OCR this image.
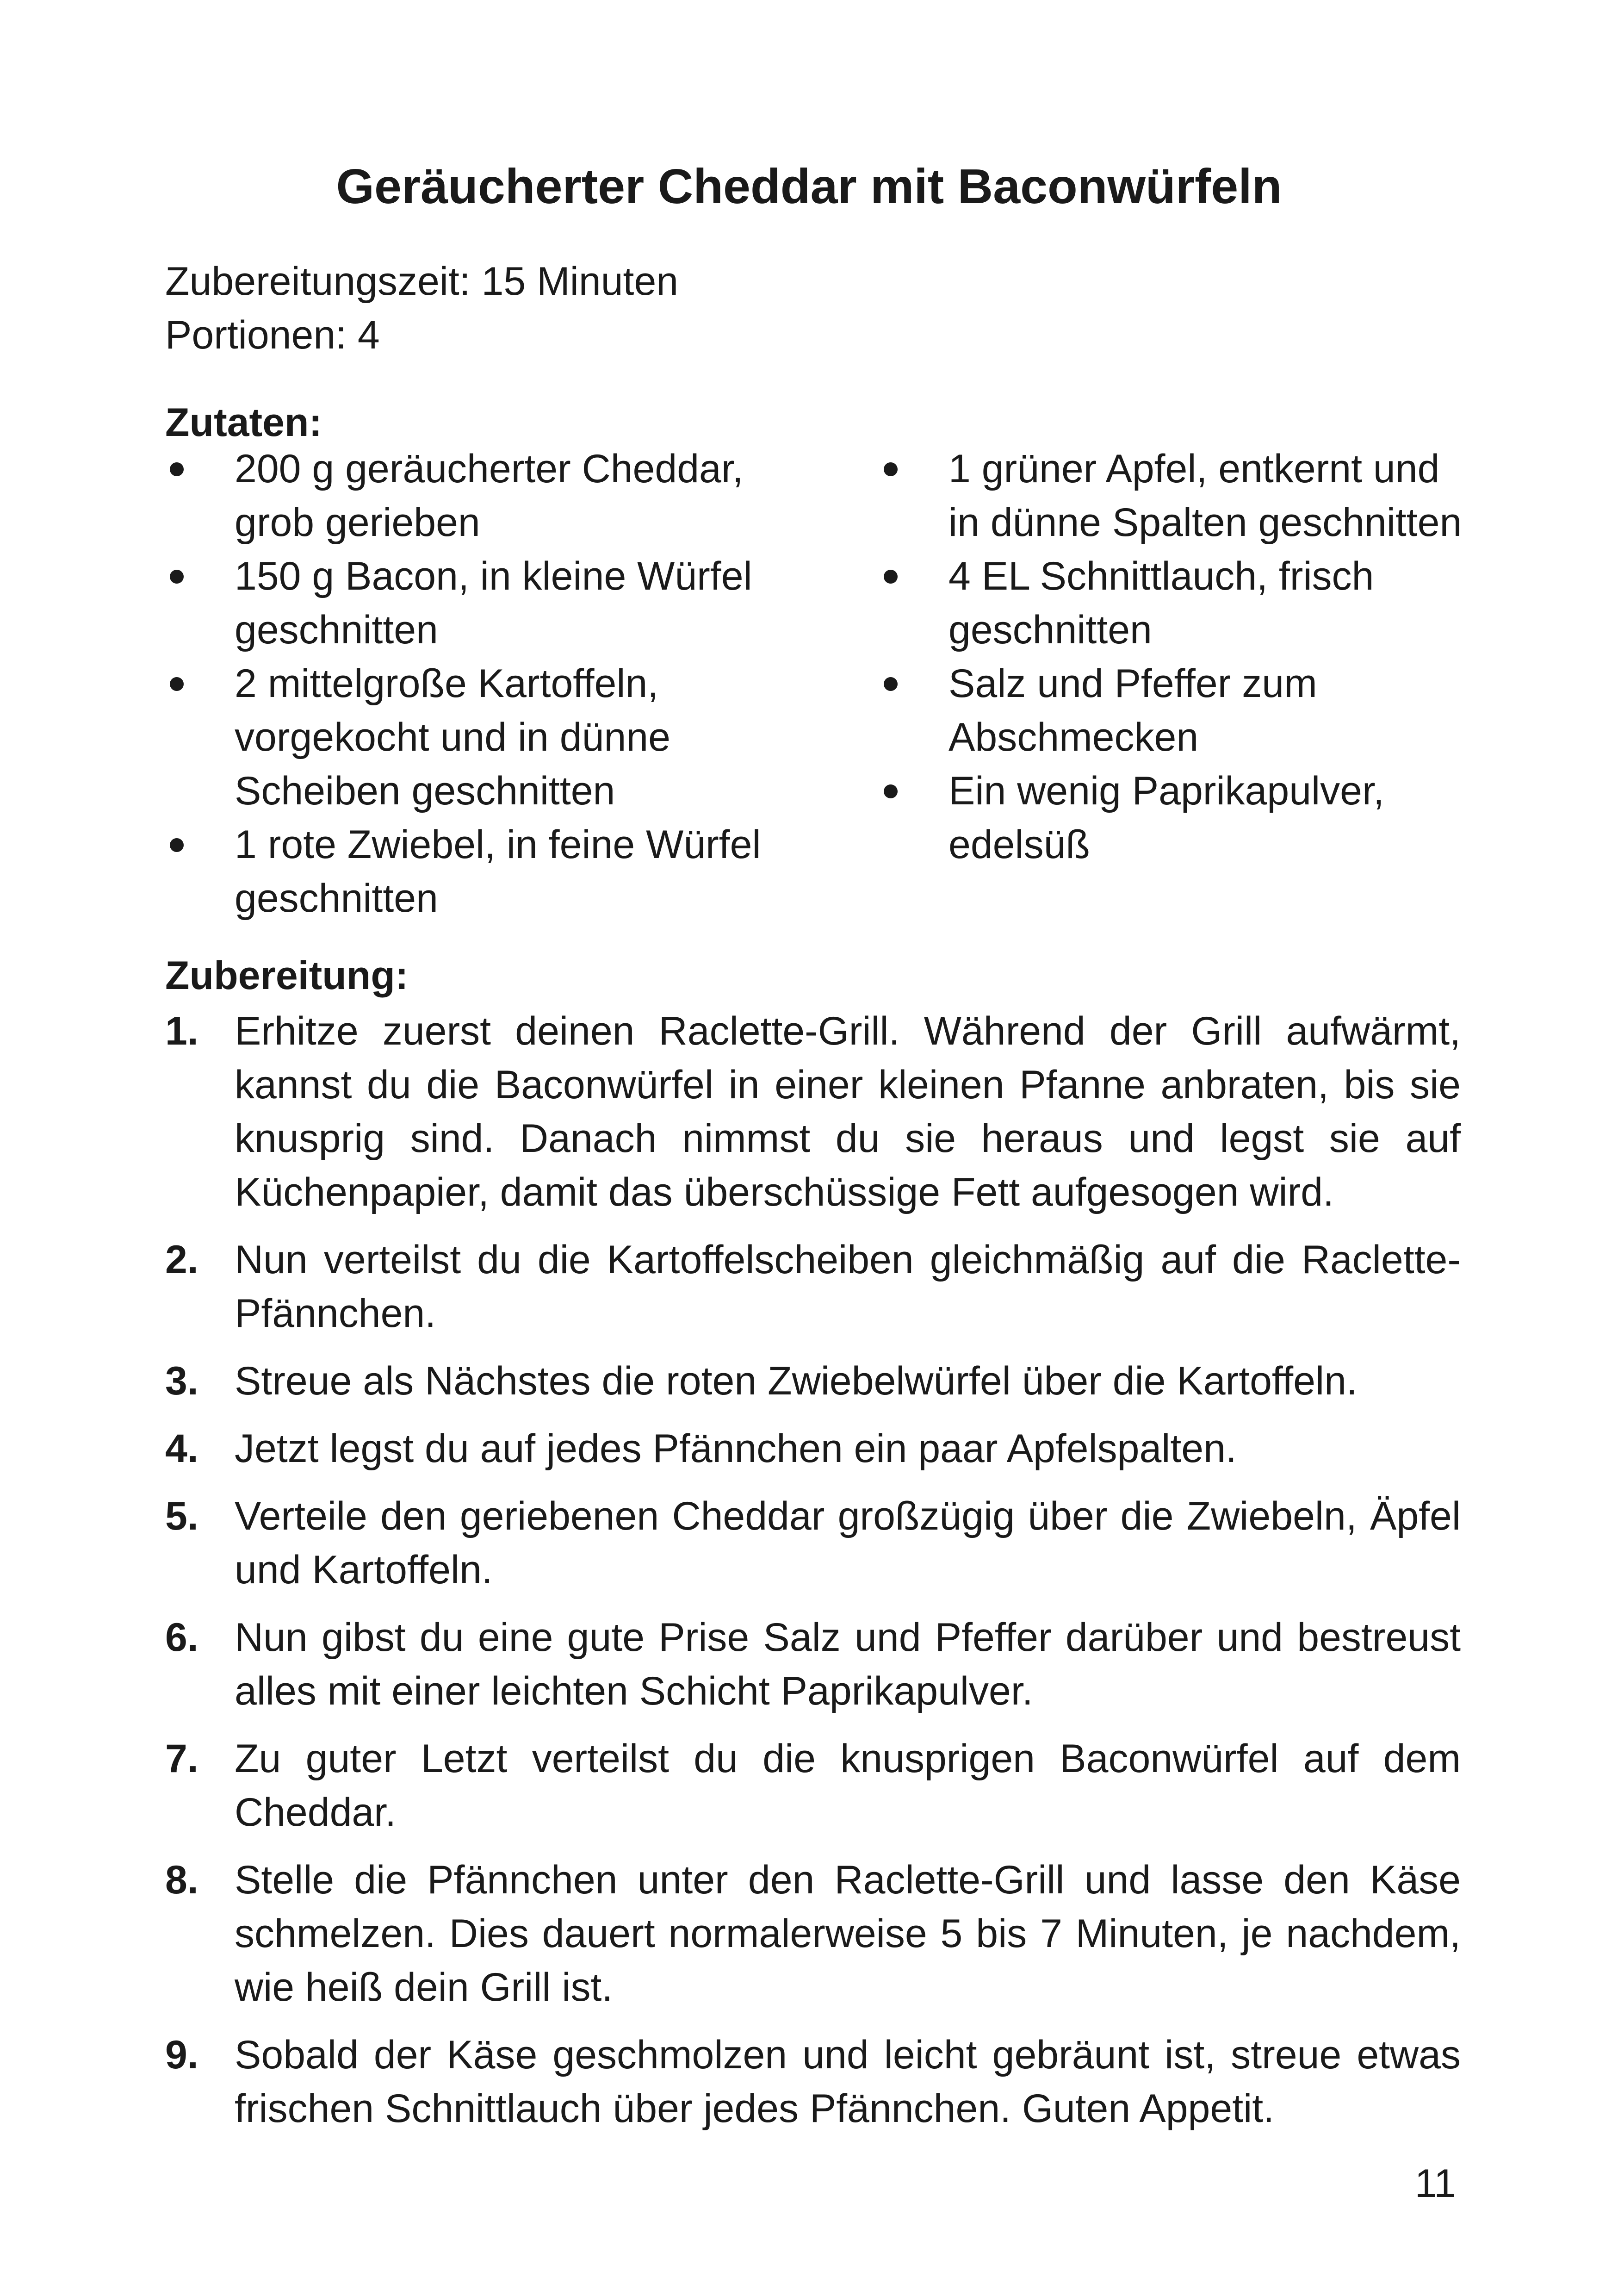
Geräucherter Cheddar mit Baconwürfeln
Zubereitungszeit: 15 Minuten
Portionen: 4
Zutaten:
200 g geräucherter Cheddar, grob gerieben
150 g Bacon, in kleine Würfel geschnitten
2 mittelgroße Kartoffeln, vorgekocht und in dünne Scheiben geschnitten
1 rote Zwiebel, in feine Würfel geschnitten
1 grüner Apfel, entkernt und in dünne Spalten geschnitten
4 EL Schnittlauch, frisch geschnitten
Salz und Pfeffer zum Abschmecken
Ein wenig Paprikapulver, edelsüß
Zubereitung:
1. Erhitze zuerst deinen Raclette-Grill. Während der Grill aufwärmt, kannst du die Baconwürfel in einer kleinen Pfanne anbraten, bis sie knusprig sind. Danach nimmst du sie heraus und legst sie auf Küchenpapier, damit das überschüssige Fett aufgesogen wird.
2. Nun verteilst du die Kartoffelscheiben gleichmäßig auf die Raclette-Pfännchen.
3. Streue als Nächstes die roten Zwiebelwürfel über die Kartoffeln.
4. Jetzt legst du auf jedes Pfännchen ein paar Apfelspalten.
5. Verteile den geriebenen Cheddar großzügig über die Zwiebeln, Äpfel und Kartoffeln.
6. Nun gibst du eine gute Prise Salz und Pfeffer darüber und bestreust alles mit einer leichten Schicht Paprikapulver.
7. Zu guter Letzt verteilst du die knusprigen Baconwürfel auf dem Cheddar.
8. Stelle die Pfännchen unter den Raclette-Grill und lasse den Käse schmelzen. Dies dauert normalerweise 5 bis 7 Minuten, je nachdem, wie heiß dein Grill ist.
9. Sobald der Käse geschmolzen und leicht gebräunt ist, streue etwas frischen Schnittlauch über jedes Pfännchen. Guten Appetit.
11
